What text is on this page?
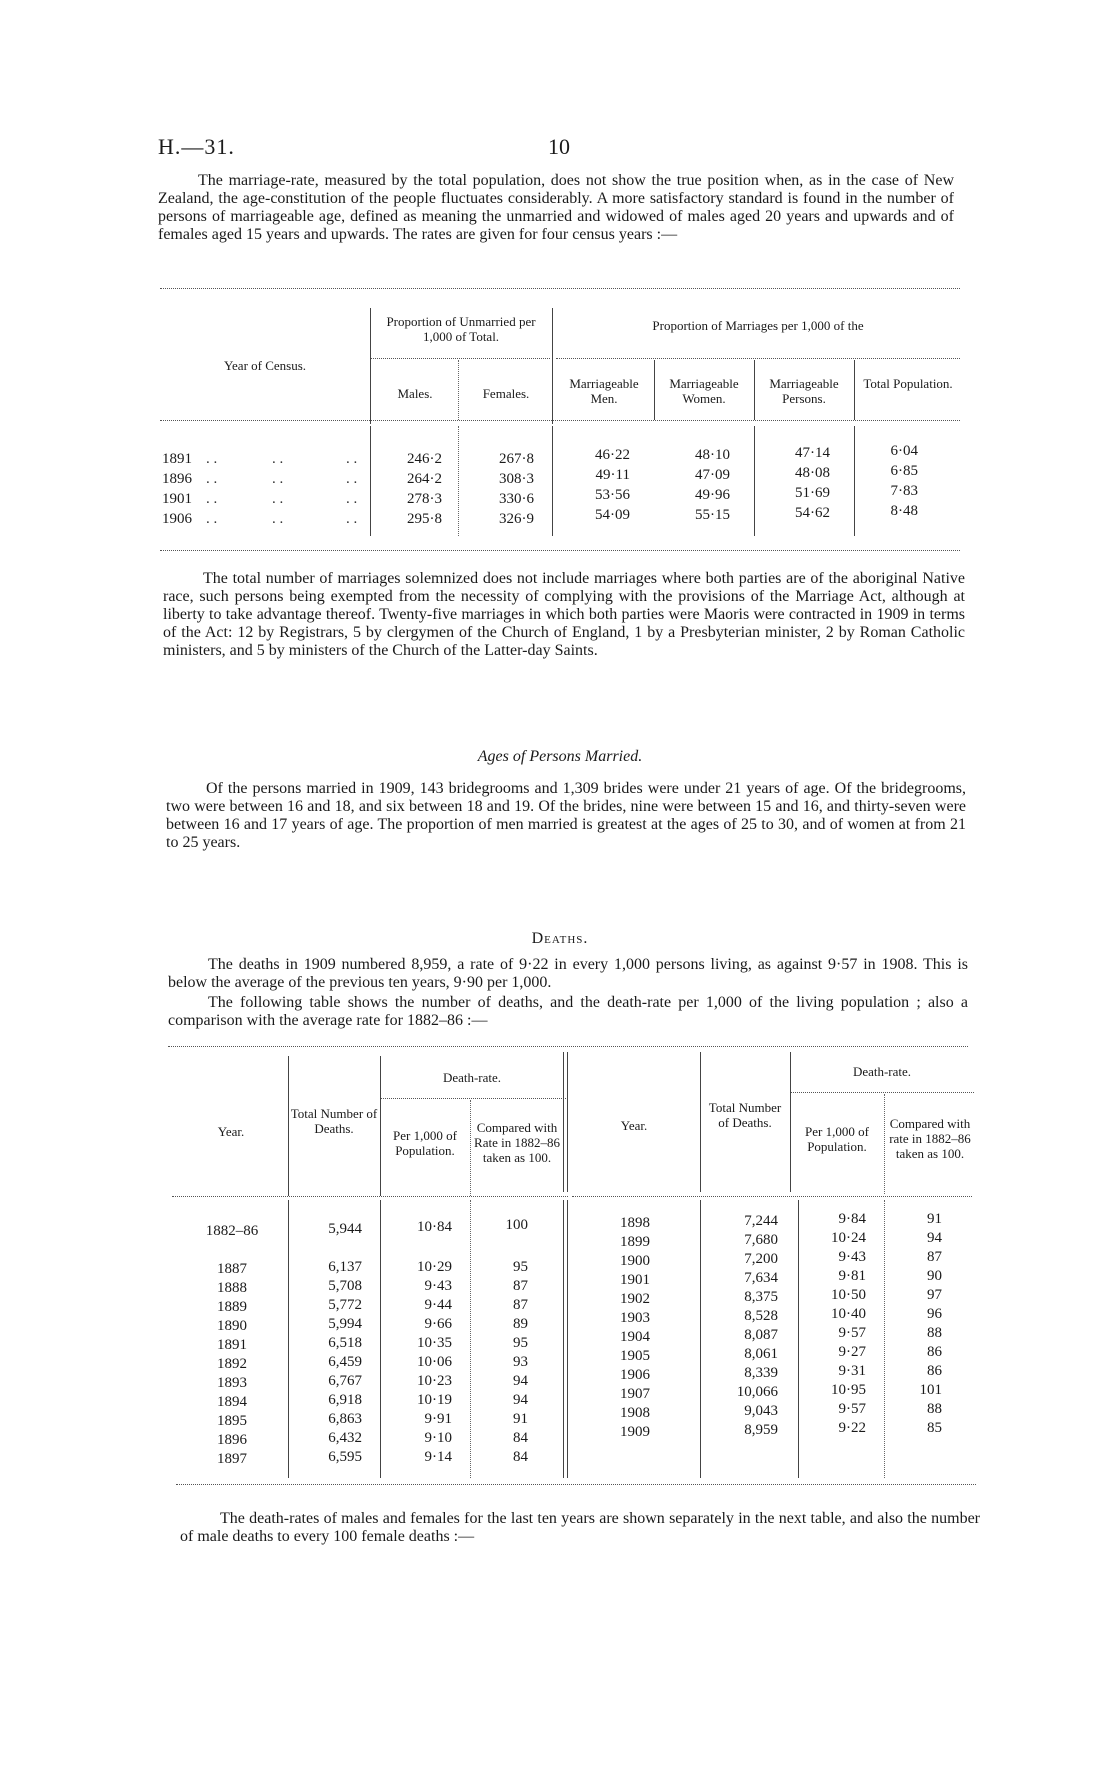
H.—31.	10

The marriage-rate, measured by the total population, does not show the true position when, as in the case of New Zealand, the age-constitution of the people fluctuates considerably. A more satisfactory standard is found in the number of persons of marriageable age, defined as meaning the unmarried and widowed of males aged 20 years and upwards and of females aged 15 years and upwards. The rates are given for four census years :—

Year of Census.
Proportion of Unmarried per 1,000 of Total.
Proportion of Marriages per 1,000 of the
Males.	Females.
Marriageable Men.
Marriageable Women.
Marriageable Persons.
Total Population.
1891 . .	. .	. .	246·2	267·8	46·22	48·10	47·14	6·04
1896 . .	. .	. .	264·2	308·3	49·11	47·09	48·08	6·85
1901 . .	. .	. .	278·3	330·6	53·56	49·96	51·69	7·83
1906 . .	. .	. .	295·8	326·9	54·09	55·15	54·62	8·48

The total number of marriages solemnized does not include marriages where both parties are of the aboriginal Native race, such persons being exempted from the necessity of complying with the provisions of the Marriage Act, although at liberty to take advantage thereof. Twenty-five marriages in which both parties were Maoris were contracted in 1909 in terms of the Act: 12 by Registrars, 5 by clergymen of the Church of England, 1 by a Presbyterian minister, 2 by Roman Catholic ministers, and 5 by ministers of the Church of the Latter-day Saints.

Ages of Persons Married.

Of the persons married in 1909, 143 bridegrooms and 1,309 brides were under 21 years of age. Of the bridegrooms, two were between 16 and 18, and six between 18 and 19. Of the brides, nine were between 15 and 16, and thirty-seven were between 16 and 17 years of age. The proportion of men married is greatest at the ages of 25 to 30, and of women at from 21 to 25 years.

Deaths.

The deaths in 1909 numbered 8,959, a rate of 9·22 in every 1,000 persons living, as against 9·57 in 1908. This is below the average of the previous ten years, 9·90 per 1,000.

The following table shows the number of deaths, and the death-rate per 1,000 of the living population ; also a comparison with the average rate for 1882–86 :—

Year.
Total Number of Deaths.
Death-rate.
Per 1,000 of Population.
Compared with Rate in 1882–86 taken as 100.
Year.
Total Number of Deaths.
Death-rate.
Per 1,000 of Population.
Compared with rate in 1882–86 taken as 100.
1882–86	5,944	10·84	100
1887	6,137	10·29	95
1888	5,708	9·43	87
1889	5,772	9·44	87
1890	5,994	9·66	89
1891	6,518	10·35	95
1892	6,459	10·06	93
1893	6,767	10·23	94
1894	6,918	10·19	94
1895	6,863	9·91	91
1896	6,432	9·10	84
1897	6,595	9·14	84
1898	7,244	9·84	91
1899	7,680	10·24	94
1900	7,200	9·43	87
1901	7,634	9·81	90
1902	8,375	10·50	97
1903	8,528	10·40	96
1904	8,087	9·57	88
1905	8,061	9·27	86
1906	8,339	9·31	86
1907	10,066	10·95	101
1908	9,043	9·57	88
1909	8,959	9·22	85

The death-rates of males and females for the last ten years are shown separately in the next table, and also the number of male deaths to every 100 female deaths :—
